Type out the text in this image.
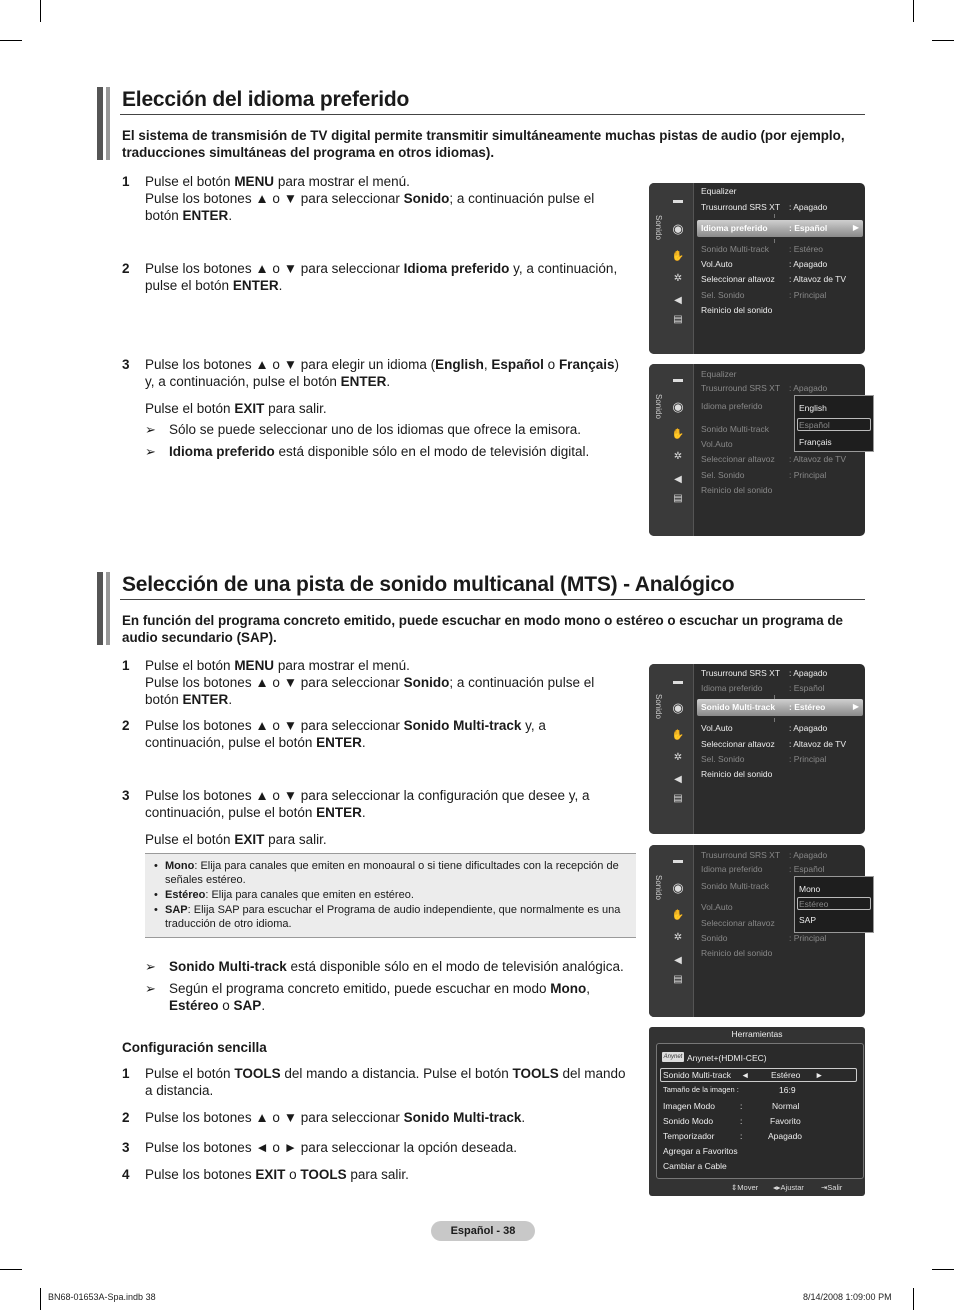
Elección del idioma preferido
El sistema de transmisión de TV digital permite transmitir simultáneamente muchas pistas de audio (por ejemplo, traducciones simultáneas del programa en otros idiomas).
1	Pulse el botón MENU para mostrar el menú.
Pulse los botones ▲ o ▼ para seleccionar Sonido; a continuación pulse el
botón ENTER.
2	Pulse los botones ▲ o ▼ para seleccionar Idioma preferido y, a continuación,
pulse el botón ENTER.
3	Pulse los botones ▲ o ▼ para elegir un idioma (English, Español o Français)
y, a continuación, pulse el botón ENTER.
Pulse el botón EXIT para salir.
➢ Sólo se puede seleccionar uno de los idiomas que ofrece la emisora.
➢ Idioma preferido está disponible sólo en el modo de televisión digital.
Sonido
▬
◉
✋
✲
◀
▤
Equalizer
Trusurround SRS XT : Apagado
Idioma preferido	: Español	▶
Sonido Multi-track : Estéreo
Vol.Auto	: Apagado
Seleccionar altavoz : Altavoz de TV
Sel. Sonido	: Principal
Reinicio del sonido
Sonido
▬
◉
✋
✲
◀
▤
Equalizer
Trusurround SRS XT : Apagado
Idioma preferido
Sonido Multi-track
Vol.Auto
Seleccionar altavoz : Altavoz de TV
Sel. Sonido	: Principal
Reinicio del sonido
English
Español
Français
Selección de una pista de sonido multicanal (MTS) - Analógico
En función del programa concreto emitido, puede escuchar en modo mono o estéreo o escuchar un programa de audio secundario (SAP).
1	Pulse el botón MENU para mostrar el menú.
Pulse los botones ▲ o ▼ para seleccionar Sonido; a continuación pulse el
botón ENTER.
2	Pulse los botones ▲ o ▼ para seleccionar Sonido Multi-track y, a
continuación, pulse el botón ENTER.
3	Pulse los botones ▲ o ▼ para seleccionar la configuración que desee y, a
continuación, pulse el botón ENTER.
Pulse el botón EXIT para salir.
• Mono: Elija para canales que emiten en monoaural o si tiene dificultades con la recepción de señales estéreo.
• Estéreo: Elija para canales que emiten en estéreo.
• SAP: Elija SAP para escuchar el Programa de audio independiente, que normalmente es una traducción de otro idioma.
➢ Sonido Multi-track está disponible sólo en el modo de televisión analógica.
➢ Según el programa concreto emitido, puede escuchar en modo Mono,
Estéreo o SAP.
Configuración sencilla
1	Pulse el botón TOOLS del mando a distancia. Pulse el botón TOOLS del mando
a distancia.
2	Pulse los botones ▲ o ▼ para seleccionar Sonido Multi-track.
3	Pulse los botones ◄ o ► para seleccionar la opción deseada.
4	Pulse los botones EXIT o TOOLS para salir.
Sonido
▬
◉
✋
✲
◀
▤
Trusurround SRS XT : Apagado
Idioma preferido	: Español
Sonido Multi-track : Estéreo	▶
Vol.Auto	: Apagado
Seleccionar altavoz : Altavoz de TV
Sel. Sonido	: Principal
Reinicio del sonido
Sonido
▬
◉
✋
✲
◀
▤
Trusurround SRS XT : Apagado
Idioma preferido	: Español
Sonido Multi-track
Vol.Auto
Seleccionar altavoz
Sonido	: Principal
Reinicio del sonido
Mono
Estéreo
SAP
Herramientas
Anynet Anynet+(HDMI-CEC)
Sonido Multi-track ◄	Estéreo ►
Tamaño de la imagen :	16:9
Imagen Modo	:	Normal
Sonido Modo	:	Favorito
Temporizador	:	Apagado
Agregar a Favoritos
Cambiar a Cable
⇕Mover ◂▸Ajustar ⇥Salir
Español - 38
BN68-01653A-Spa.indb 38	8/14/2008 1:09:00 PM
